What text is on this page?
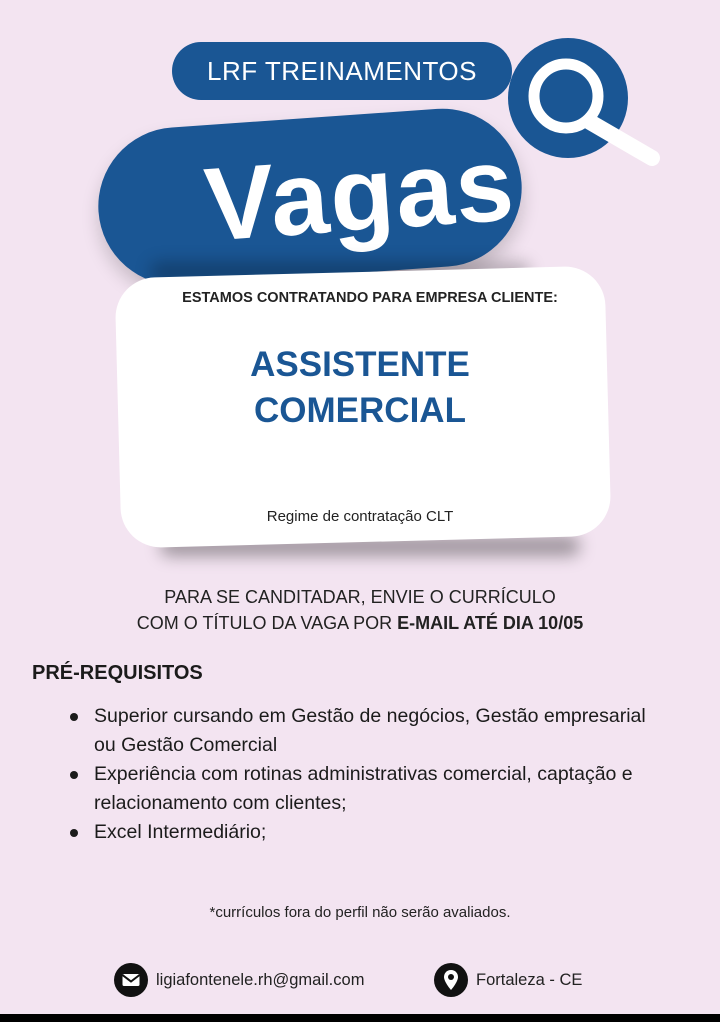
LRF TREINAMENTOS
Vagas
ESTAMOS CONTRATANDO PARA EMPRESA CLIENTE:
ASSISTENTE
COMERCIAL
Regime de contratação CLT
PARA SE CANDITADAR, ENVIE O CURRÍCULO
COM O TÍTULO DA VAGA POR E-MAIL ATÉ DIA 10/05
PRÉ-REQUISITOS
Superior cursando em Gestão de negócios, Gestão empresarial ou Gestão Comercial
Experiência com rotinas administrativas comercial, captação e relacionamento com clientes;
Excel Intermediário;
*currículos fora do perfil não serão avaliados.
ligiafontenele.rh@gmail.com	Fortaleza - CE
